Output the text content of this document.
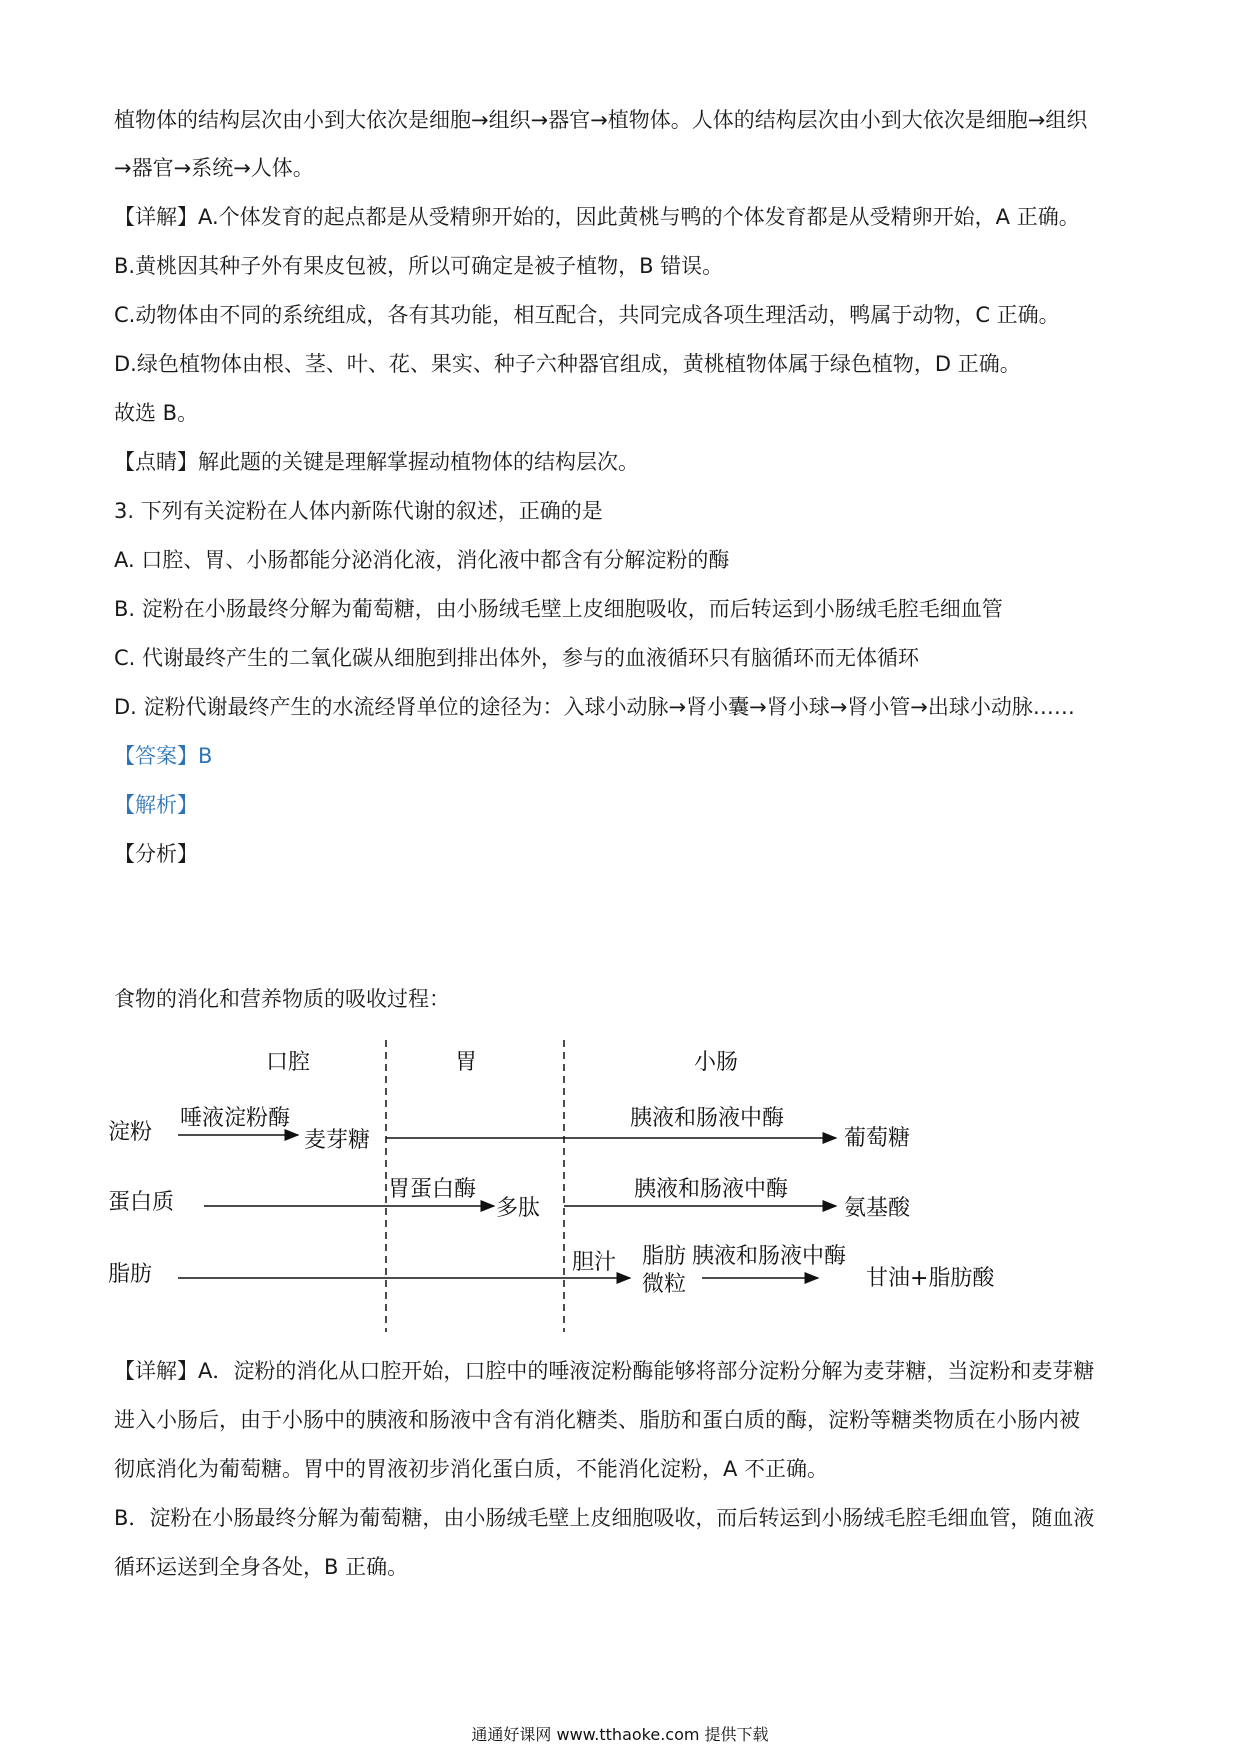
植物体的结构层次由小到大依次是细胞→组织→器官→植物体。人体的结构层次由小到大依次是细胞→组织
→器官→系统→人体。
【详解】A.个体发育的起点都是从受精卵开始的，因此黄桃与鸭的个体发育都是从受精卵开始，A 正确。
B.黄桃因其种子外有果皮包被，所以可确定是被子植物，B 错误。
C.动物体由不同的系统组成，各有其功能，相互配合，共同完成各项生理活动，鸭属于动物，C 正确。
D.绿色植物体由根、茎、叶、花、果实、种子六种器官组成，黄桃植物体属于绿色植物，D 正确。
故选 B。
【点睛】解此题的关键是理解掌握动植物体的结构层次。
3. 下列有关淀粉在人体内新陈代谢的叙述，正确的是
A. 口腔、胃、小肠都能分泌消化液，消化液中都含有分解淀粉的酶
B. 淀粉在小肠最终分解为葡萄糖，由小肠绒毛壁上皮细胞吸收，而后转运到小肠绒毛腔毛细血管
C. 代谢最终产生的二氧化碳从细胞到排出体外，参与的血液循环只有脑循环而无体循环
D. 淀粉代谢最终产生的水流经肾单位的途径为：入球小动脉→肾小囊→肾小球→肾小管→出球小动脉……
【答案】B
【解析】
【分析】
食物的消化和营养物质的吸收过程：
口腔	胃	小肠
淀粉
唾液淀粉酶
麦芽糖
胰液和肠液中酶
葡萄糖
蛋白质
胃蛋白酶
多肽
胰液和肠液中酶
氨基酸
脂肪	胆汁 脂肪
微粒
胰液和肠液中酶
甘油+脂肪酸
【详解】A．淀粉的消化从口腔开始，口腔中的唾液淀粉酶能够将部分淀粉分解为麦芽糖，当淀粉和麦芽糖
进入小肠后，由于小肠中的胰液和肠液中含有消化糖类、脂肪和蛋白质的酶，淀粉等糖类物质在小肠内被
彻底消化为葡萄糖。胃中的胃液初步消化蛋白质，不能消化淀粉，A 不正确。
B．淀粉在小肠最终分解为葡萄糖，由小肠绒毛壁上皮细胞吸收，而后转运到小肠绒毛腔毛细血管，随血液
循环运送到全身各处，B 正确。
通通好课网 www.tthaoke.com 提供下载
